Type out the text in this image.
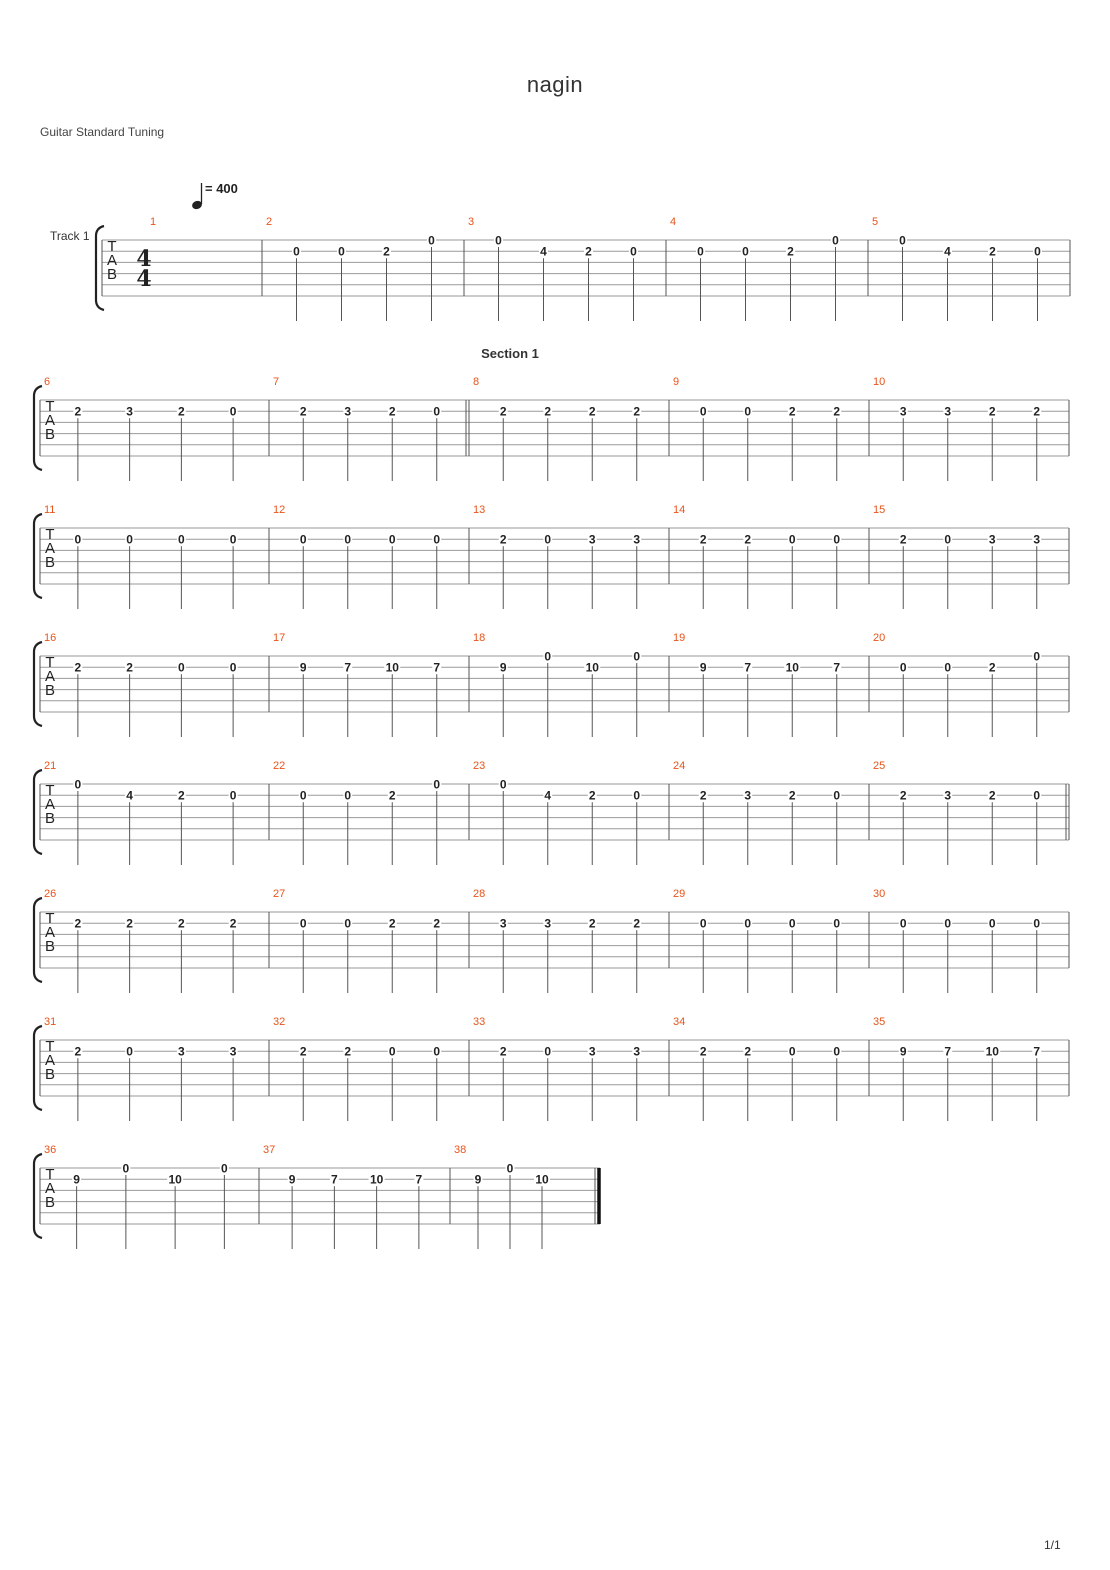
nagin
Guitar Standard Tuning
Track 1
T
A
B
1
4
4
= 400
2
0	0	2
0
3
0
4	2	0
4
0	0	2
0
5
0
4	2	0
Section 1
T
A
B
6
2	3	2	0
7
2	3	2	0
8
2	2	2	2
9
0	0	2	2
10
3	3	2	2
T
A
B
11
0	0	0	0
12
0	0	0	0
13
2	0	3	3
14
2	2	0	0
15
2	0	3	3
T
A
B
16
2	2	0	0
17
9	7	10	7
18
9
0
10
0
19
9	7	10	7
20
0	0	2
0
T
A
B
21
0
4	2	0
22
0	0	2
0
23
0
4	2	0
24
2	3	2	0
25
2	3	2	0
T
A
B
26
2	2	2	2
27
0	0	2	2
28
3	3	2	2
29
0	0	0	0
30
0	0	0	0
T
A
B
31
2	0	3	3
32
2	2	0	0
33
2	0	3	3
34
2	2	0	0
35
9	7	10	7
T
A
B
36
9
0
10
0
37
9	7	10	7
38
9
0
10
1/1
